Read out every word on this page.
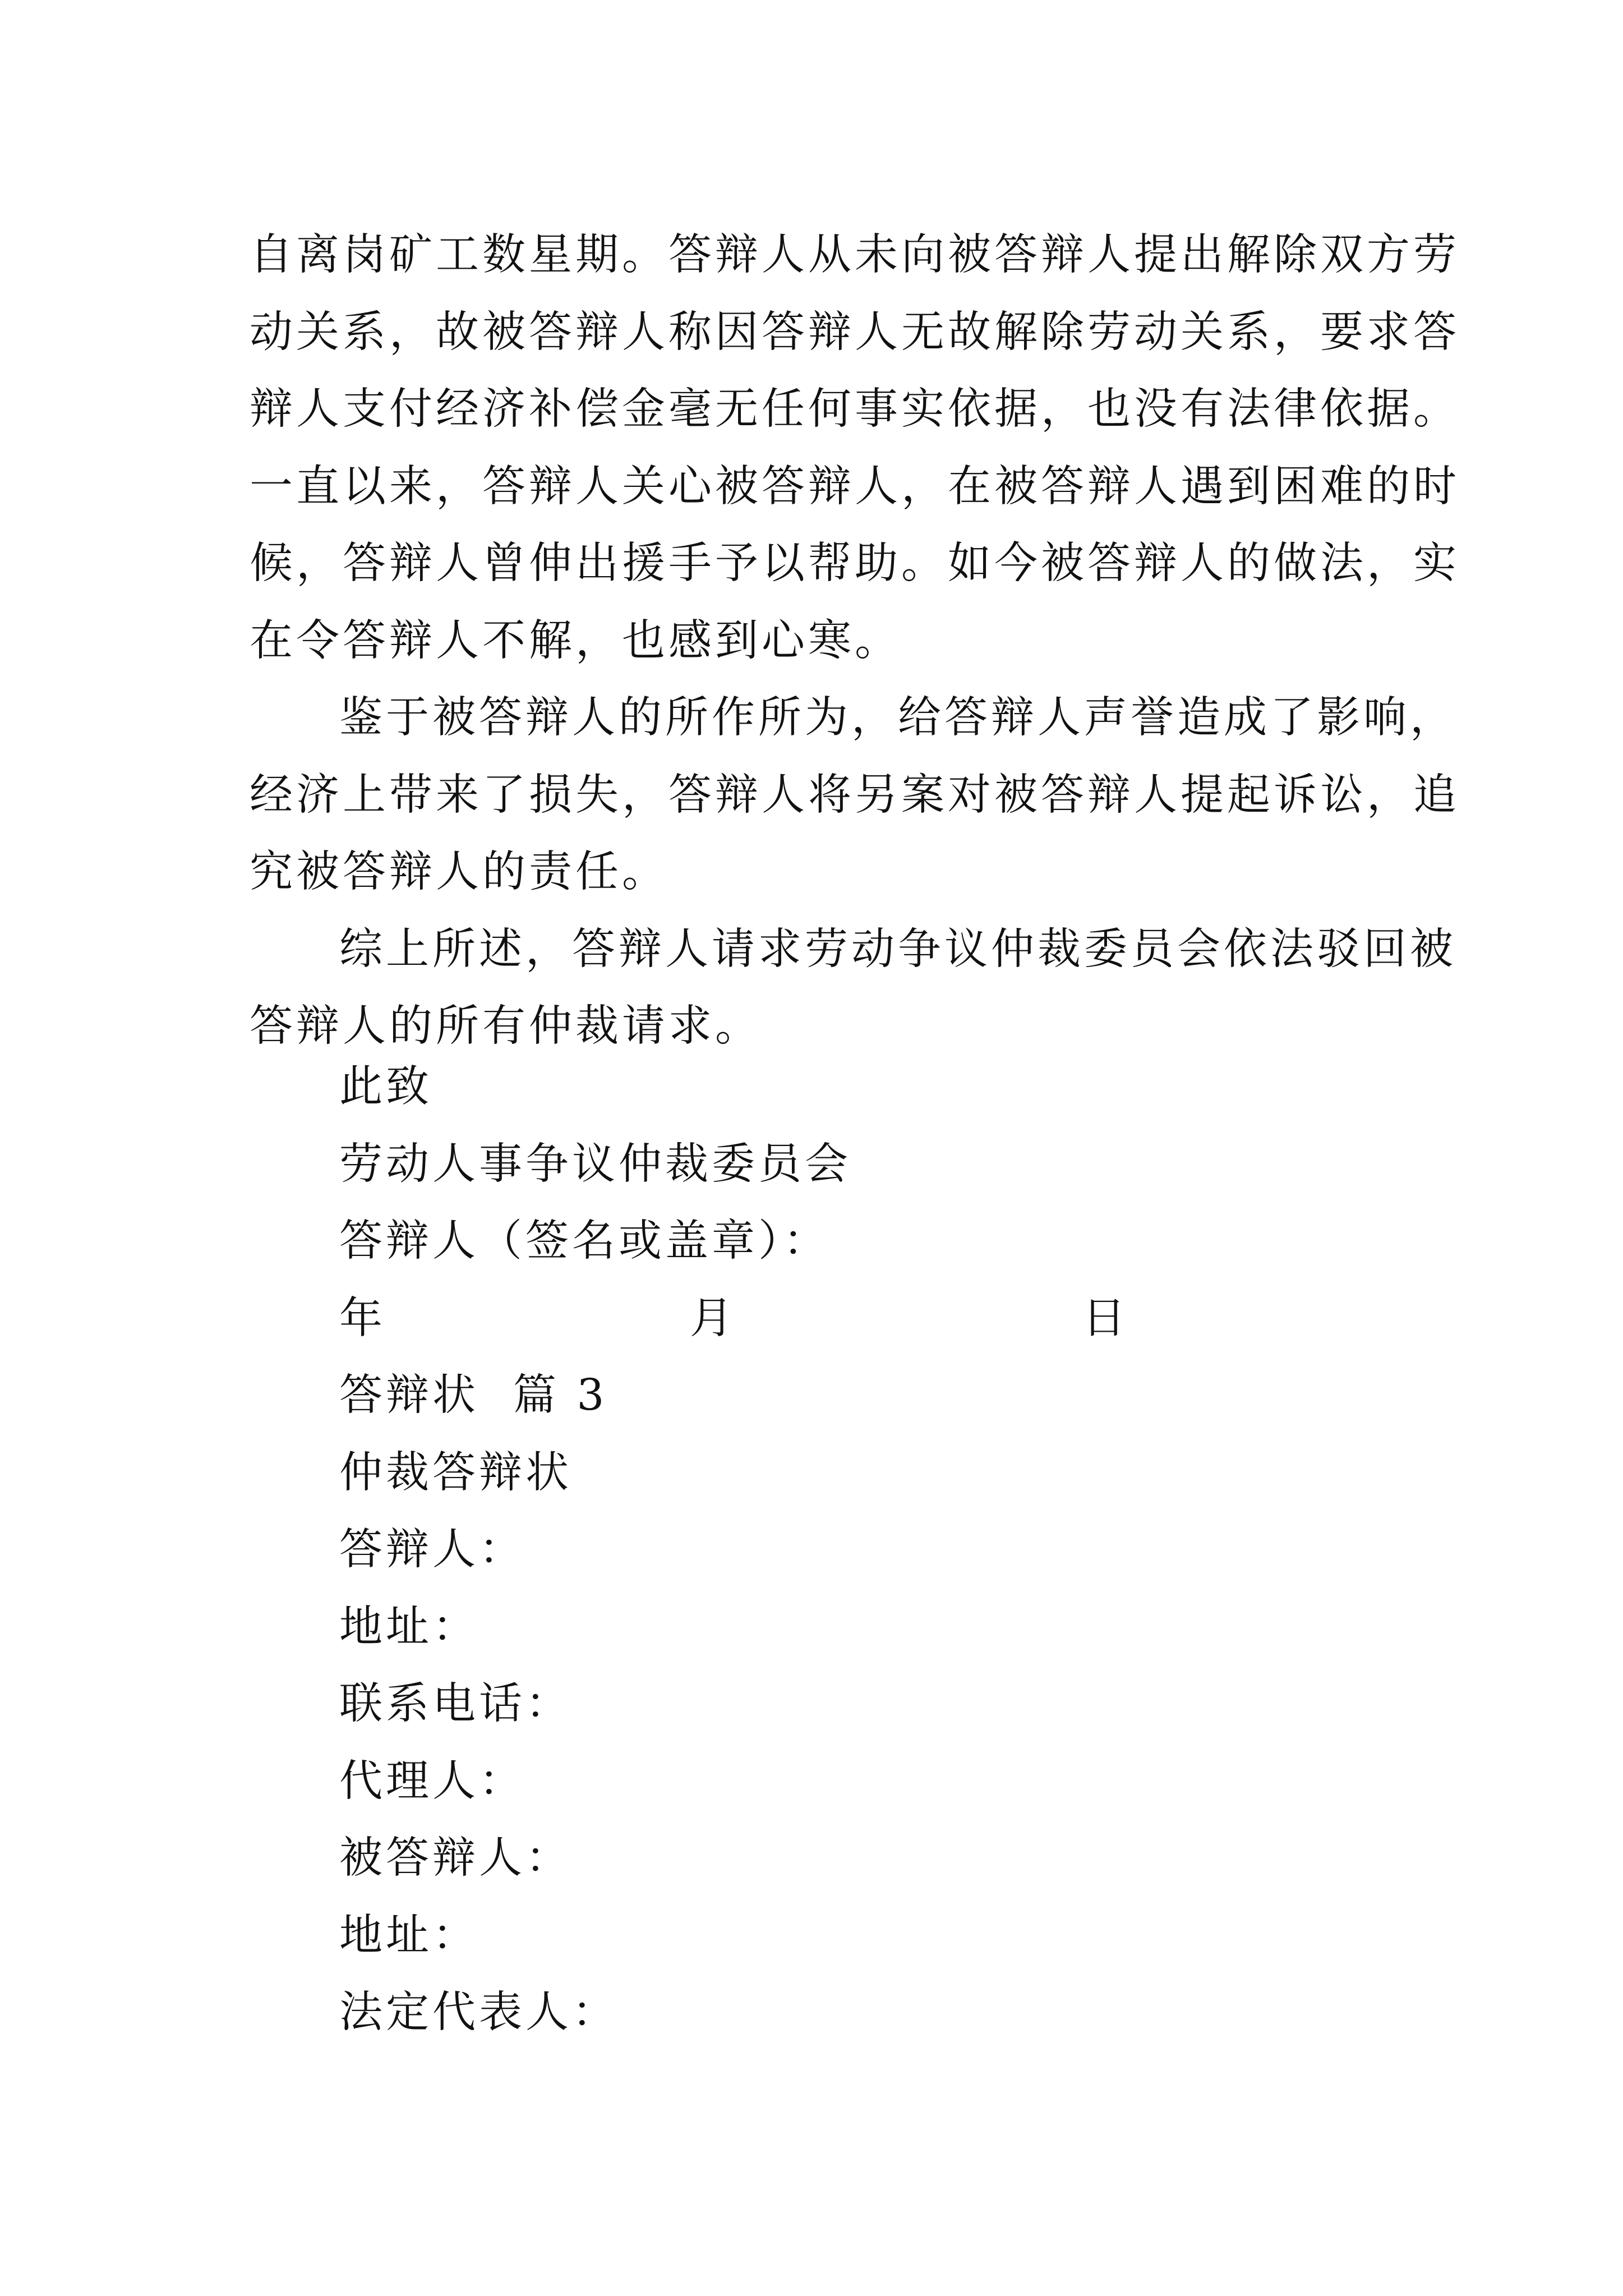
自离岗矿工数星期。答辩人从未向被答辩人提出解除双方劳
动关系，故被答辩人称因答辩人无故解除劳动关系，要求答
辩人支付经济补偿金毫无任何事实依据，也没有法律依据。
一直以来，答辩人关心被答辩人，在被答辩人遇到困难的时
候，答辩人曾伸出援手予以帮助。如今被答辩人的做法，实
在令答辩人不解，也感到心寒。
鉴于被答辩人的所作所为，给答辩人声誉造成了影响，
经济上带来了损失，答辩人将另案对被答辩人提起诉讼，追
究被答辩人的责任。
综上所述，答辩人请求劳动争议仲裁委员会依法驳回被
答辩人的所有仲裁请求。
此致
劳动人事争议仲裁委员会
答辩人（签名或盖章）：
年	月	日
答辩状  篇 3
仲裁答辩状
答辩人：
地址：
联系电话：
代理人：
被答辩人：
地址：
法定代表人：
